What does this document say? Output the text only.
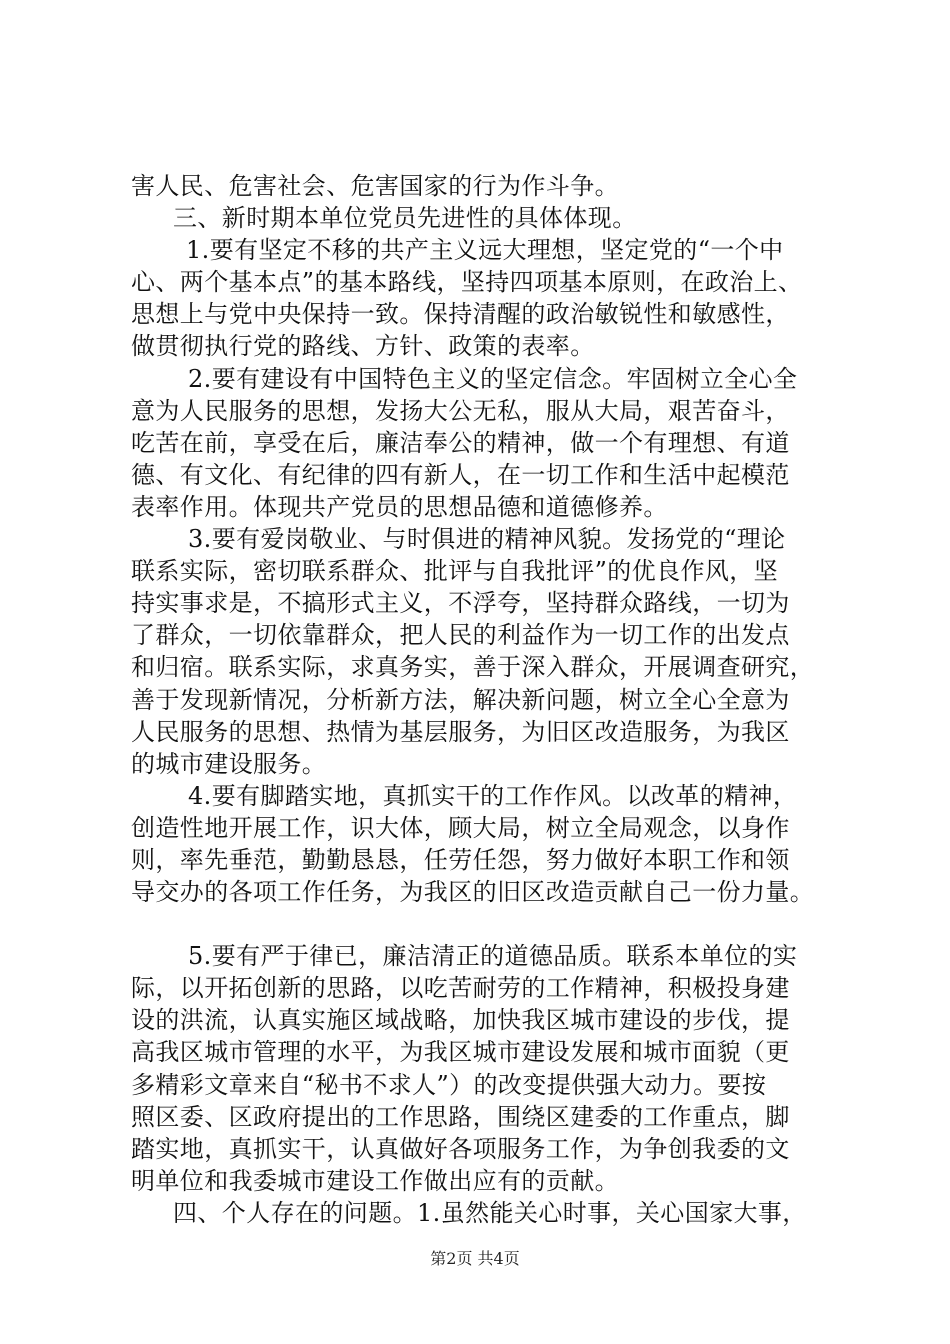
害人民、危害社会、危害国家的行为作斗争。
三、新时期本单位党员先进性的具体体现。
1.要有坚定不移的共产主义远大理想，坚定党的“一个中
心、两个基本点”的基本路线，坚持四项基本原则，在政治上、
思想上与党中央保持一致。保持清醒的政治敏锐性和敏感性，
做贯彻执行党的路线、方针、政策的表率。
2.要有建设有中国特色主义的坚定信念。牢固树立全心全
意为人民服务的思想，发扬大公无私，服从大局，艰苦奋斗，
吃苦在前，享受在后，廉洁奉公的精神，做一个有理想、有道
德、有文化、有纪律的四有新人，在一切工作和生活中起模范
表率作用。体现共产党员的思想品德和道德修养。
3.要有爱岗敬业、与时俱进的精神风貌。发扬党的“理论
联系实际，密切联系群众、批评与自我批评”的优良作风，坚
持实事求是，不搞形式主义，不浮夸，坚持群众路线，一切为
了群众，一切依靠群众，把人民的利益作为一切工作的出发点
和归宿。联系实际，求真务实，善于深入群众，开展调查研究，
善于发现新情况，分析新方法，解决新问题，树立全心全意为
人民服务的思想、热情为基层服务，为旧区改造服务，为我区
的城市建设服务。
4.要有脚踏实地，真抓实干的工作作风。以改革的精神，
创造性地开展工作，识大体，顾大局，树立全局观念，以身作
则，率先垂范，勤勤恳恳，任劳任怨，努力做好本职工作和领
导交办的各项工作任务，为我区的旧区改造贡献自己一份力量。
5.要有严于律已，廉洁清正的道德品质。联系本单位的实
际，以开拓创新的思路，以吃苦耐劳的工作精神，积极投身建
设的洪流，认真实施区域战略，加快我区城市建设的步伐，提
高我区城市管理的水平，为我区城市建设发展和城市面貌（更
多精彩文章来自“秘书不求人”）的改变提供强大动力。要按
照区委、区政府提出的工作思路，围绕区建委的工作重点，脚
踏实地，真抓实干，认真做好各项服务工作，为争创我委的文
明单位和我委城市建设工作做出应有的贡献。
四、个人存在的问题。1.虽然能关心时事，关心国家大事，
第2页 共4页
